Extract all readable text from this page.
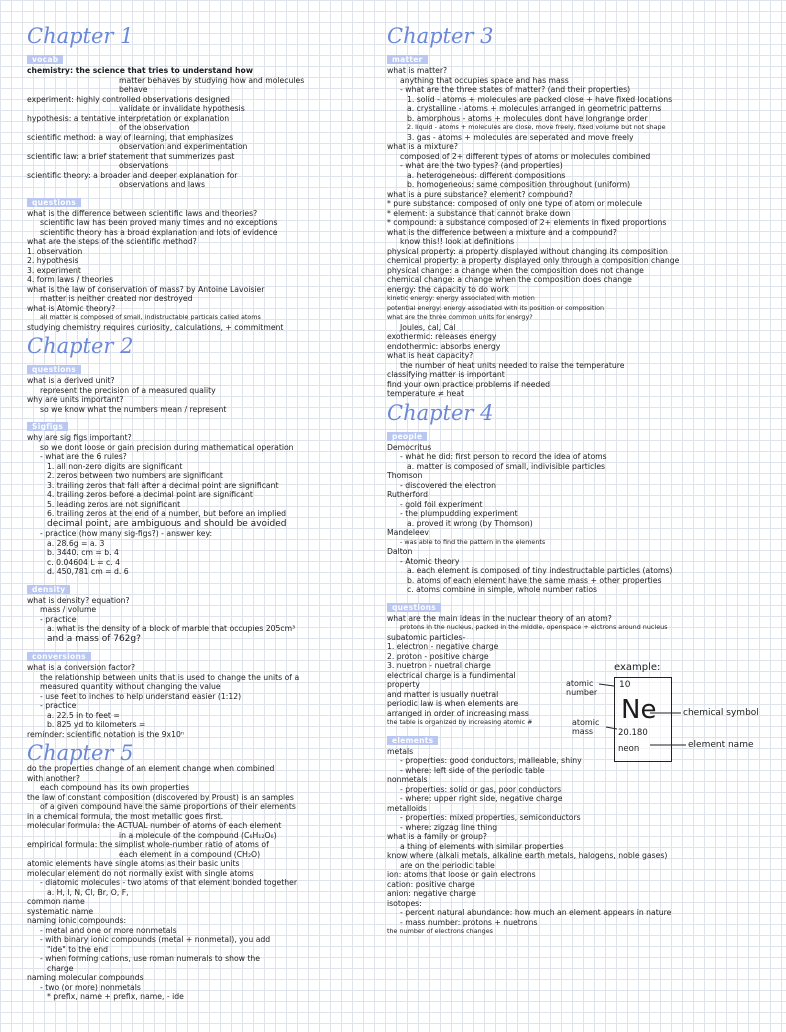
Chapter 1
vocab
chemistry: the science that tries to understand how
matter behaves by studying how and molecules
behave
experiment: highly controlled observations designed
validate or invalidate hypothesis
hypothesis: a tentative interpretation or explanation
of the observation
scientific method: a way of learning, that emphasizes
observation and experimentation
scientific law: a brief statement that summerizes past
observations
scientific theory: a broader and deeper explanation for
observations and laws
questions
what is the difference between scientific laws and theories?
scientific law has been proved many times and no exceptions
scientific theory has a broad explanation and lots of evidence
what are the steps of the scientific method?
1. observation
2. hypothesis
3. experiment
4. form laws / theories
what is the law of conservation of mass? by Antoine Lavoisier
matter is neither created nor destroyed
what is Atomic theory?
all matter is composed of small, indistructable particals called atoms
studying chemistry requires curiosity, calculations, + commitment
Chapter 2
questions
what is a derived unit?
represent the precision of a measured quality
why are units important?
so we know what the numbers mean / represent
Sigfigs
why are sig figs important?
so we dont loose or gain precision during mathematical operation
- what are the 6 rules?
1. all non-zero digits are significant
2. zeros between two numbers are significant
3. trailing zeros that fall after a decimal point are significant
4. trailing zeros before a decimal point are significant
5. leading zeros are not significant
6. trailing zeros at the end of a number, but before an implied
decimal point, are ambiguous and should be avoided
- practice (how many sig-figs?) - answer key:
a. 28.6g = a. 3
b. 3440. cm = b. 4
c. 0.04604 L = c. 4
d. 450,781 cm = d. 6
density
what is density? equation?
mass / volume
- practice
a. what is the density of a block of marble that occupies 205cm³
and a mass of 762g?
conversions
what is a conversion factor?
the relationship between units that is used to change the units of a
measured quantity without changing the value
- use feet to inches to help understand easier (1:12)
- practice
a. 22.5 in to feet =
b. 825 yd to kilometers =
reminder: scientific notation is the 9x10ⁿ
Chapter 5
do the properties change of an element change when combined
with another?
each compound has its own properties
the law of constant composition (discovered by Proust) is an samples
of a given compound have the same proportions of their elements
in a chemical formula, the most metallic goes first.
molecular formula: the ACTUAL number of atoms of each element
in a molecule of the compound (C₆H₁₂O₆)
empirical formula: the simplist whole-number ratio of atoms of
each element in a compound (CH₂O)
atomic elements have single atoms as their basic units
molecular element do not normally exist with single atoms
- diatomic molecules - two atoms of that element bonded together
a. H, I, N, Cl, Br, O, F,
common name
systematic name
naming ionic compounds:
- metal and one or more nonmetals
- with binary ionic compounds (metal + nonmetal), you add
"ide" to the end
- when forming cations, use roman numerals to show the
charge
naming molecular compounds
- two (or more) nonmetals
* prefix, name + prefix, name, - ide
Chapter 3
matter
what is matter?
anything that occupies space and has mass
- what are the three states of matter? (and their properties)
1. solid - atoms + molecules are packed close + have fixed locations
a. crystalline - atoms + molecules arranged in geometric patterns
b. amorphous - atoms + molecules dont have longrange order
2. liquid - atoms + molecules are close, move freely, fixed volume but not shape
3. gas - atoms + molecules are seperated and move freely
what is a mixture?
composed of 2+ different types of atoms or molecules combined
- what are the two types? (and properties)
a. heterogeneous: different compositions
b. homogeneous: same composition throughout (uniform)
what is a pure substance? element? compound?
* pure substance: composed of only one type of atom or molecule
* element: a substance that cannot brake down
* compound: a substance composed of 2+ elements in fixed proportions
what is the difference between a mixture and a compound?
know this!! look at definitions
physical property: a property displayed without changing its composition
chemical property: a property displayed only through a composition change
physical change: a change when the composition does not change
chemical change: a change when the composition does change
energy: the capacity to do work
kinetic energy: energy associated with motion
potential energy: energy associated with its position or composition
what are the three common units for energy?
Joules, cal, Cal
exothermic: releases energy
endothermic: absorbs energy
what is heat capacity?
the number of heat units needed to raise the temperature
classifying matter is important
find your own practice problems if needed
temperature ≠ heat
Chapter 4
people
Democritus
- what he did: first person to record the idea of atoms
a. matter is composed of small, indivisible particles
Thomson
- discovered the electron
Rutherford
- gold foil experiment
- the plumpudding experiment
a. proved it wrong (by Thomson)
Mandeleev
- was able to find the pattern in the elements
Dalton
- Atomic theory
a. each element is composed of tiny indestructable particles (atoms)
b. atoms of each element have the same mass + other properties
c. atoms combine in simple, whole number ratios
questions
what are the main ideas in the nuclear theory of an atom?
protons in the nucleus, packed in the middle, openspace + elctrons around nucleus
subatomic particles-
1. electron - negative charge
2. proton - positive charge
3. nuetron - nuetral charge
electrical charge is a fundimental
property
and matter is usually nuetral
periodic law is when elements are
arranged in order of increasing mass
the table is organized by increasing atomic #
elements
metals
- properties: good conductors, malleable, shiny
- where: left side of the periodic table
nonmetals
- properties: solid or gas, poor conductors
- where: upper right side, negative charge
metalloids
- properties: mixed properties, semiconductors
- where: zigzag line thing
what is a family or group?
a thing of elements with similar properties
know where (alkali metals, alkaline earth metals, halogens, noble gases)
are on the periodic table
ion: atoms that loose or gain electrons
cation: positive charge
anion: negative charge
isotopes:
- percent natural abundance: how much an element appears in nature
- mass number: protons + nuetrons
the number of electrons changes
example:
10
Ne
20.180
neon
atomic number
atomic mass
chemical symbol
element name
